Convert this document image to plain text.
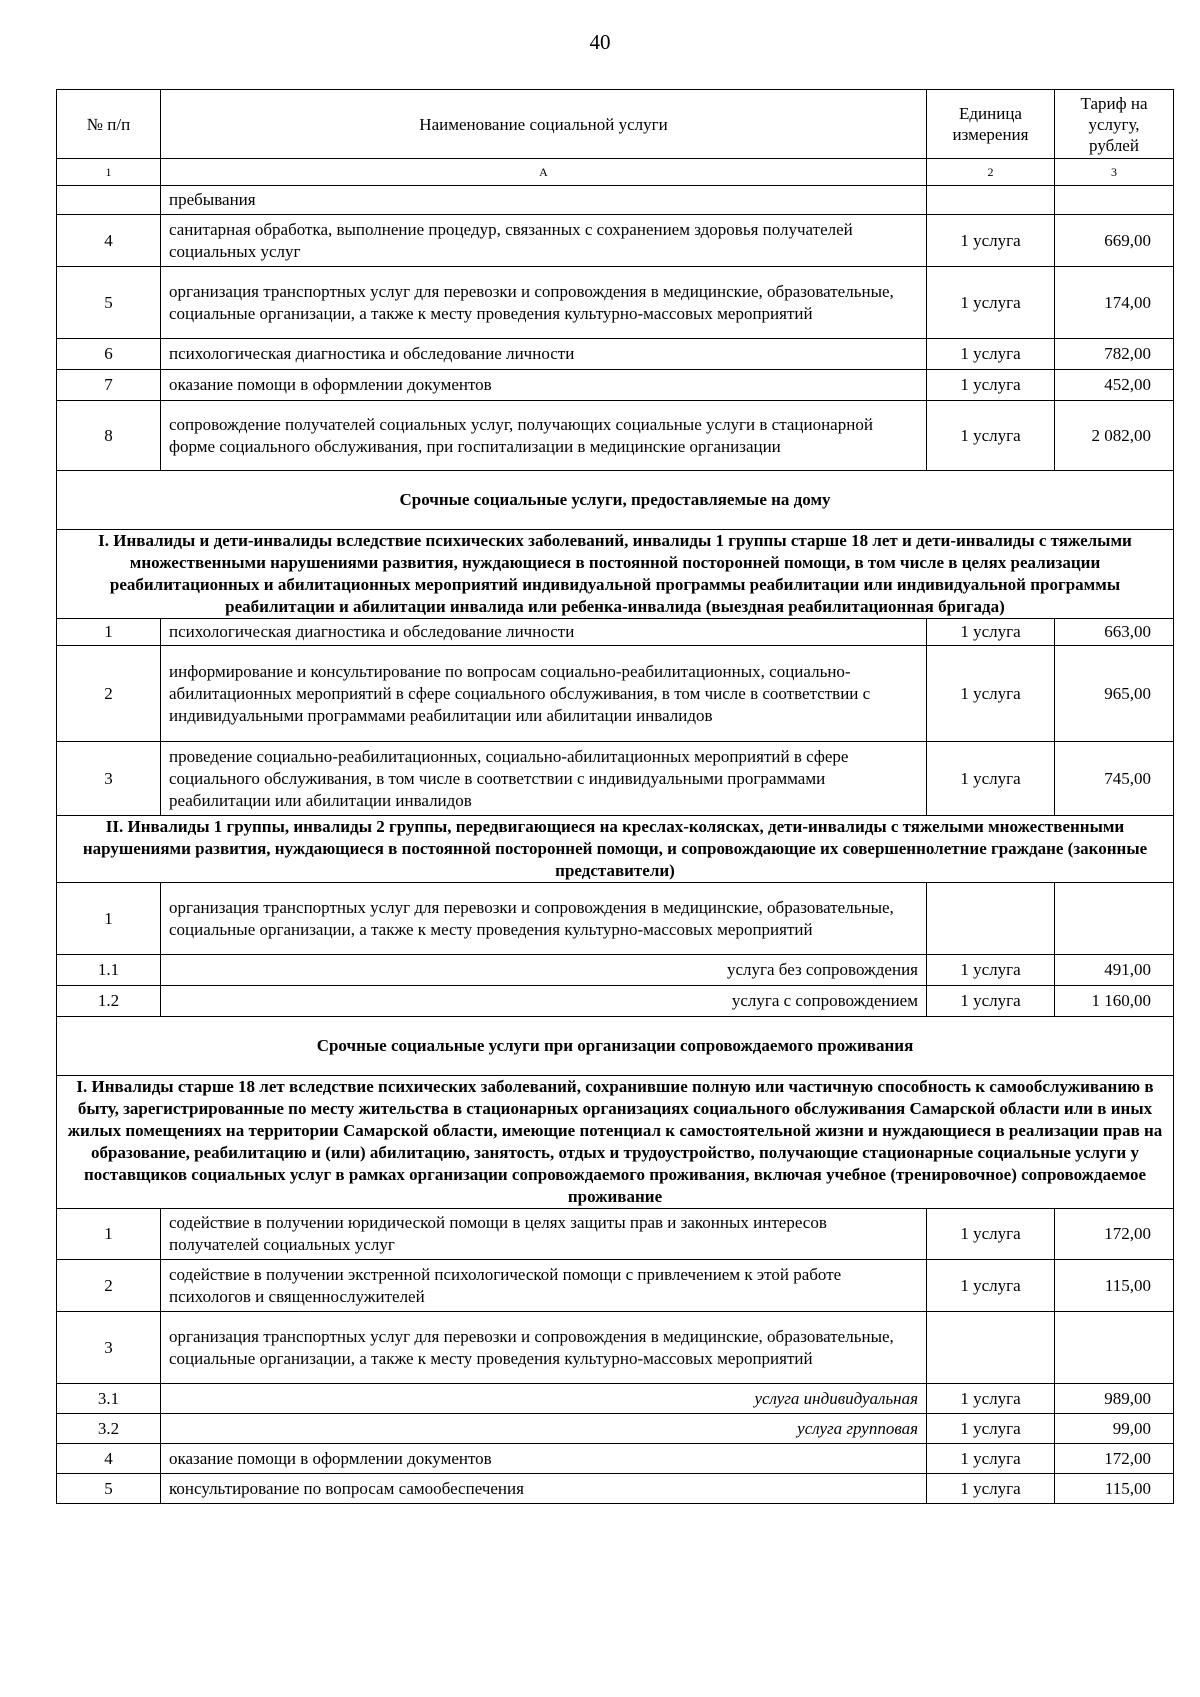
40
№ п/п	Наименование социальной услуги	Единица измерения	Тариф на услугу, рублей
1	А	2	3
	пребывания		
4	санитарная обработка, выполнение процедур, связанных с сохранением здоровья получателей социальных услуг	1 услуга	669,00
5	организация транспортных услуг для перевозки и сопровождения в медицинские, образовательные, социальные организации, а также к месту проведения культурно-массовых мероприятий	1 услуга	174,00
6	психологическая диагностика и обследование личности	1 услуга	782,00
7	оказание помощи в оформлении документов	1 услуга	452,00
8	сопровождение получателей социальных услуг, получающих социальные услуги в стационарной форме социального обслуживания, при госпитализации в медицинские организации	1 услуга	2 082,00
Срочные социальные услуги, предоставляемые на дому			
I. Инвалиды и дети-инвалиды вследствие психических заболеваний, инвалиды 1 группы старше 18 лет и дети-инвалиды с тяжелыми множественными нарушениями развития, нуждающиеся в постоянной посторонней помощи, в том числе в целях реализации реабилитационных и абилитационных мероприятий индивидуальной программы реабилитации или индивидуальной программы реабилитации и абилитации инвалида или ребенка-инвалида (выездная реабилитационная бригада)			
1	психологическая диагностика и обследование личности	1 услуга	663,00
2	информирование и консультирование по вопросам социально-реабилитационных, социально-абилитационных мероприятий в сфере социального обслуживания, в том числе в соответствии с индивидуальными программами реабилитации или абилитации инвалидов	1 услуга	965,00
3	проведение социально-реабилитационных, социально-абилитационных мероприятий в сфере социального обслуживания, в том числе в соответствии с индивидуальными программами реабилитации или абилитации инвалидов	1 услуга	745,00
II. Инвалиды 1 группы, инвалиды 2 группы, передвигающиеся на креслах-колясках, дети-инвалиды с тяжелыми множественными нарушениями развития, нуждающиеся в постоянной посторонней помощи, и сопровождающие их совершеннолетние граждане (законные представители)			
1	организация транспортных услуг для перевозки и сопровождения в медицинские, образовательные, социальные организации, а также к месту проведения культурно-массовых мероприятий		
1.1	услуга без сопровождения	1 услуга	491,00
1.2	услуга с сопровождением	1 услуга	1 160,00
Срочные социальные услуги при организации сопровождаемого проживания			
I. Инвалиды старше 18 лет вследствие психических заболеваний, сохранившие полную или частичную способность к самообслуживанию в быту, зарегистрированные по месту жительства в стационарных организациях социального обслуживания Самарской области или в иных жилых помещениях на территории Самарской области, имеющие потенциал к самостоятельной жизни и нуждающиеся в реализации прав на образование, реабилитацию и (или) абилитацию, занятость, отдых и трудоустройство, получающие стационарные социальные услуги у поставщиков социальных услуг в рамках организации сопровождаемого проживания, включая учебное (тренировочное) сопровождаемое проживание			
1	содействие в получении юридической помощи в целях защиты прав и законных интересов получателей социальных услуг	1 услуга	172,00
2	содействие в получении экстренной психологической помощи с привлечением к этой работе психологов и священнослужителей	1 услуга	115,00
3	организация транспортных услуг для перевозки и сопровождения в медицинские, образовательные, социальные организации, а также к месту проведения культурно-массовых мероприятий		
3.1	услуга индивидуальная	1 услуга	989,00
3.2	услуга групповая	1 услуга	99,00
4	оказание помощи в оформлении документов	1 услуга	172,00
5	консультирование по вопросам самообеспечения	1 услуга	115,00
